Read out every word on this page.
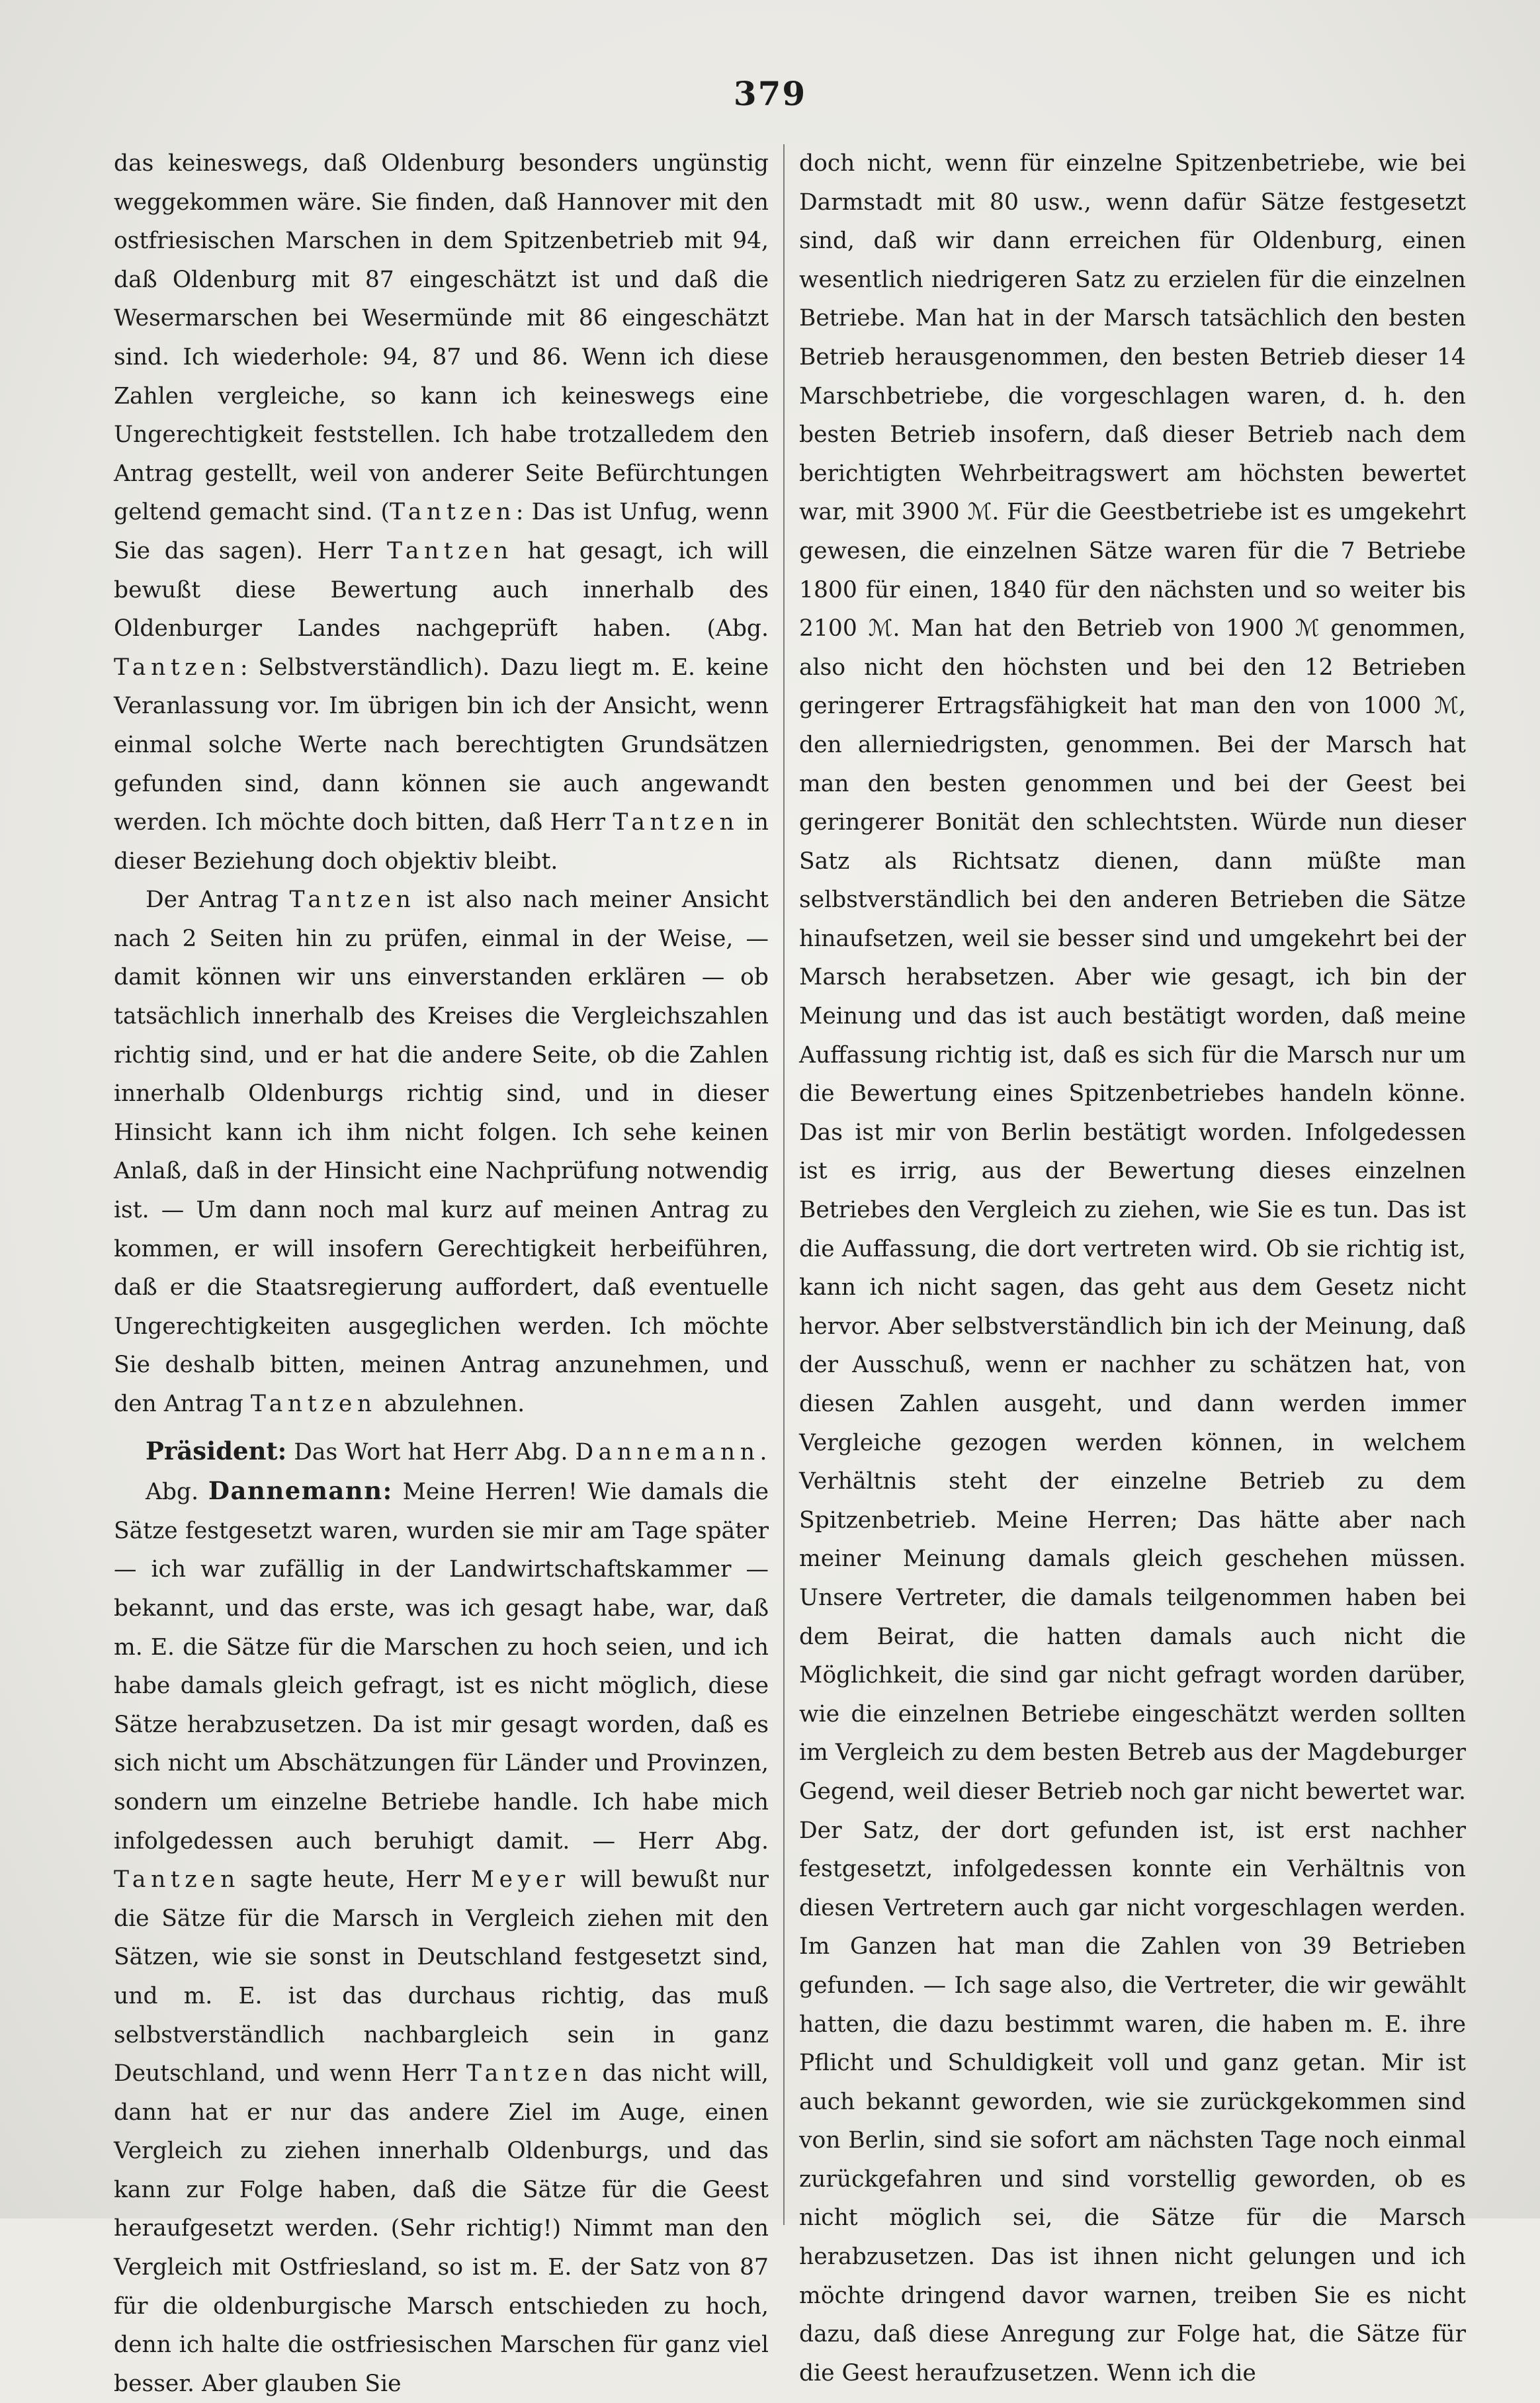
379

das keineswegs, daß Oldenburg besonders ungünstig weggekommen wäre. Sie finden, daß Hannover mit den ostfriesischen Marschen in dem Spitzenbetrieb mit 94, daß Oldenburg mit 87 eingeschätzt ist und daß die Wesermarschen bei Wesermünde mit 86 eingeschätzt sind. Ich wiederhole: 94, 87 und 86. Wenn ich diese Zahlen vergleiche, so kann ich keineswegs eine Ungerechtigkeit feststellen. Ich habe trotzalledem den Antrag gestellt, weil von anderer Seite Befürchtungen geltend gemacht sind. (Tantzen: Das ist Unfug, wenn Sie das sagen). Herr Tantzen hat gesagt, ich will bewußt diese Bewertung auch innerhalb des Oldenburger Landes nachgeprüft haben. (Abg. Tantzen: Selbstverständlich). Dazu liegt m. E. keine Veranlassung vor. Im übrigen bin ich der Ansicht, wenn einmal solche Werte nach berechtigten Grundsätzen gefunden sind, dann können sie auch angewandt werden. Ich möchte doch bitten, daß Herr Tantzen in dieser Beziehung doch objektiv bleibt.

Der Antrag Tantzen ist also nach meiner Ansicht nach 2 Seiten hin zu prüfen, einmal in der Weise, — damit können wir uns einverstanden erklären — ob tatsächlich innerhalb des Kreises die Vergleichszahlen richtig sind, und er hat die andere Seite, ob die Zahlen innerhalb Oldenburgs richtig sind, und in dieser Hinsicht kann ich ihm nicht folgen. Ich sehe keinen Anlaß, daß in der Hinsicht eine Nachprüfung notwendig ist. — Um dann noch mal kurz auf meinen Antrag zu kommen, er will insofern Gerechtigkeit herbeiführen, daß er die Staatsregierung auffordert, daß eventuelle Ungerechtigkeiten ausgeglichen werden. Ich möchte Sie deshalb bitten, meinen Antrag anzunehmen, und den Antrag Tantzen abzulehnen.

Präsident: Das Wort hat Herr Abg. Dannemann.

Abg. Dannemann: Meine Herren! Wie damals die Sätze festgesetzt waren, wurden sie mir am Tage später — ich war zufällig in der Landwirtschaftskammer — bekannt, und das erste, was ich gesagt habe, war, daß m. E. die Sätze für die Marschen zu hoch seien, und ich habe damals gleich gefragt, ist es nicht möglich, diese Sätze herabzusetzen. Da ist mir gesagt worden, daß es sich nicht um Abschätzungen für Länder und Provinzen, sondern um einzelne Betriebe handle. Ich habe mich infolgedessen auch beruhigt damit. — Herr Abg. Tantzen sagte heute, Herr Meyer will bewußt nur die Sätze für die Marsch in Vergleich ziehen mit den Sätzen, wie sie sonst in Deutschland festgesetzt sind, und m. E. ist das durchaus richtig, das muß selbstverständlich nachbargleich sein in ganz Deutschland, und wenn Herr Tantzen das nicht will, dann hat er nur das andere Ziel im Auge, einen Vergleich zu ziehen innerhalb Oldenburgs, und das kann zur Folge haben, daß die Sätze für die Geest heraufgesetzt werden. (Sehr richtig!) Nimmt man den Vergleich mit Ostfriesland, so ist m. E. der Satz von 87 für die oldenburgische Marsch entschieden zu hoch, denn ich halte die ostfriesischen Marschen für ganz viel besser. Aber glauben Sie

doch nicht, wenn für einzelne Spitzenbetriebe, wie bei Darmstadt mit 80 usw., wenn dafür Sätze festgesetzt sind, daß wir dann erreichen für Oldenburg, einen wesentlich niedrigeren Satz zu erzielen für die einzelnen Betriebe. Man hat in der Marsch tatsächlich den besten Betrieb herausgenommen, den besten Betrieb dieser 14 Marschbetriebe, die vorgeschlagen waren, d. h. den besten Betrieb insofern, daß dieser Betrieb nach dem berichtigten Wehrbeitragswert am höchsten bewertet war, mit 3900 ℳ. Für die Geestbetriebe ist es umgekehrt gewesen, die einzelnen Sätze waren für die 7 Betriebe 1800 für einen, 1840 für den nächsten und so weiter bis 2100 ℳ. Man hat den Betrieb von 1900 ℳ genommen, also nicht den höchsten und bei den 12 Betrieben geringerer Ertragsfähigkeit hat man den von 1000 ℳ, den allerniedrigsten, genommen. Bei der Marsch hat man den besten genommen und bei der Geest bei geringerer Bonität den schlechtsten. Würde nun dieser Satz als Richtsatz dienen, dann müßte man selbstverständlich bei den anderen Betrieben die Sätze hinaufsetzen, weil sie besser sind und umgekehrt bei der Marsch herabsetzen. Aber wie gesagt, ich bin der Meinung und das ist auch bestätigt worden, daß meine Auffassung richtig ist, daß es sich für die Marsch nur um die Bewertung eines Spitzenbetriebes handeln könne. Das ist mir von Berlin bestätigt worden. Infolgedessen ist es irrig, aus der Bewertung dieses einzelnen Betriebes den Vergleich zu ziehen, wie Sie es tun. Das ist die Auffassung, die dort vertreten wird. Ob sie richtig ist, kann ich nicht sagen, das geht aus dem Gesetz nicht hervor. Aber selbstverständlich bin ich der Meinung, daß der Ausschuß, wenn er nachher zu schätzen hat, von diesen Zahlen ausgeht, und dann werden immer Vergleiche gezogen werden können, in welchem Verhältnis steht der einzelne Betrieb zu dem Spitzenbetrieb. Meine Herren; Das hätte aber nach meiner Meinung damals gleich geschehen müssen. Unsere Vertreter, die damals teilgenommen haben bei dem Beirat, die hatten damals auch nicht die Möglichkeit, die sind gar nicht gefragt worden darüber, wie die einzelnen Betriebe eingeschätzt werden sollten im Vergleich zu dem besten Betreb aus der Magdeburger Gegend, weil dieser Betrieb noch gar nicht bewertet war. Der Satz, der dort gefunden ist, ist erst nachher festgesetzt, infolgedessen konnte ein Verhältnis von diesen Vertretern auch gar nicht vorgeschlagen werden. Im Ganzen hat man die Zahlen von 39 Betrieben gefunden. — Ich sage also, die Vertreter, die wir gewählt hatten, die dazu bestimmt waren, die haben m. E. ihre Pflicht und Schuldigkeit voll und ganz getan. Mir ist auch bekannt geworden, wie sie zurückgekommen sind von Berlin, sind sie sofort am nächsten Tage noch einmal zurückgefahren und sind vorstellig geworden, ob es nicht möglich sei, die Sätze für die Marsch herabzusetzen. Das ist ihnen nicht gelungen und ich möchte dringend davor warnen, treiben Sie es nicht dazu, daß diese Anregung zur Folge hat, die Sätze für die Geest heraufzusetzen. Wenn ich die
